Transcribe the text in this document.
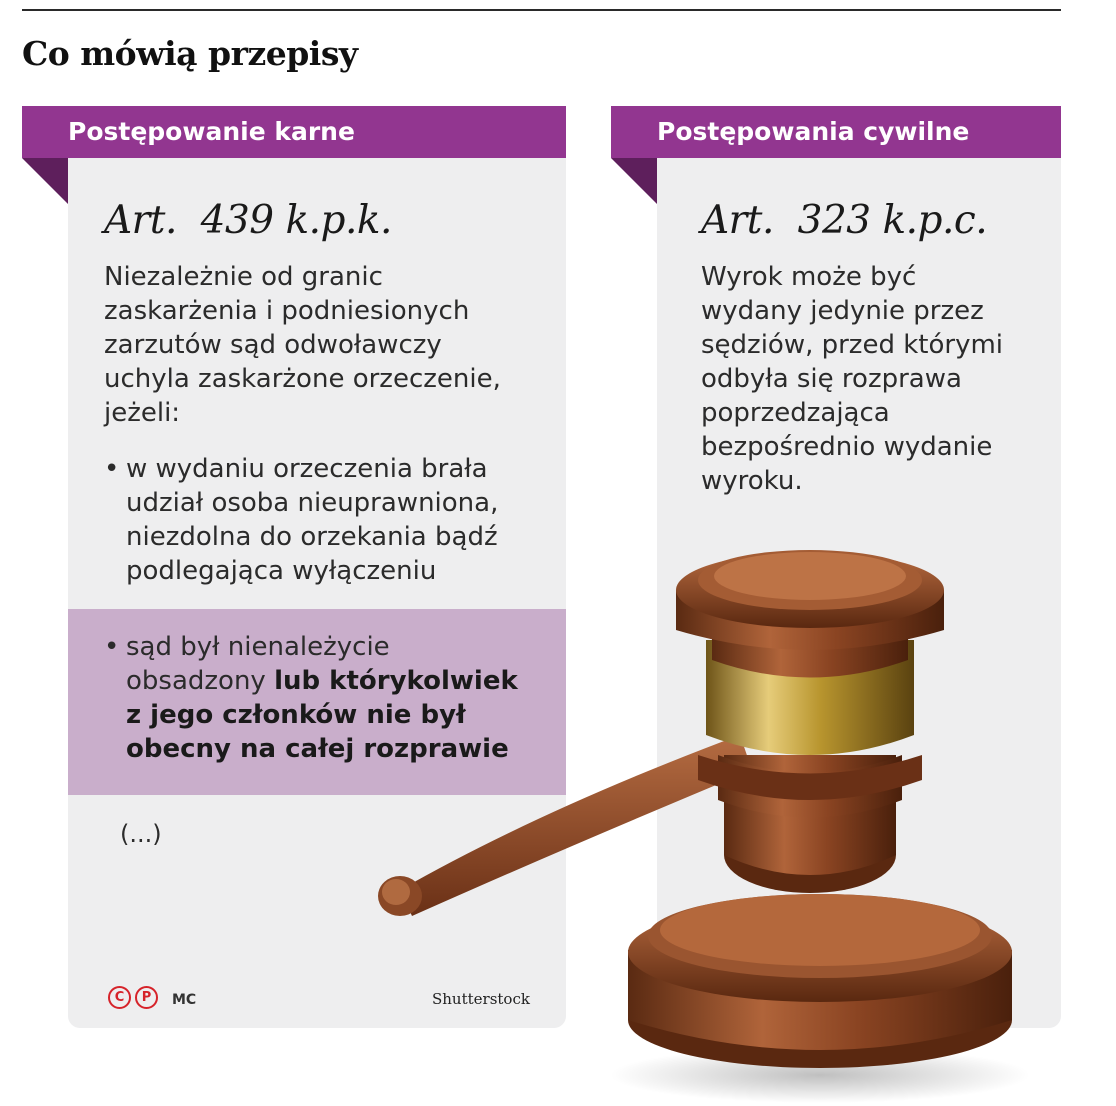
Co mówią przepisy
Postępowanie karne
Art.  439 k.p.k.
Niezależnie od granic
zaskarżenia i podniesionych
zarzutów sąd odwoławczy
uchyla zaskarżone orzeczenie,
jeżeli:
• w wydaniu orzeczenia brała
udział osoba nieuprawniona,
niezdolna do orzekania bądź
podlegająca wyłączeniu
• sąd był nienależycie
obsadzony lub którykolwiek
z jego członków nie był
obecny na całej rozprawie
(...)
C	P	MC	Shutterstock
Postępowania cywilne
Art.  323 k.p.c.
Wyrok może być
wydany jedynie przez
sędziów, przed którymi
odbyła się rozprawa
poprzedzająca
bezpośrednio wydanie
wyroku.
